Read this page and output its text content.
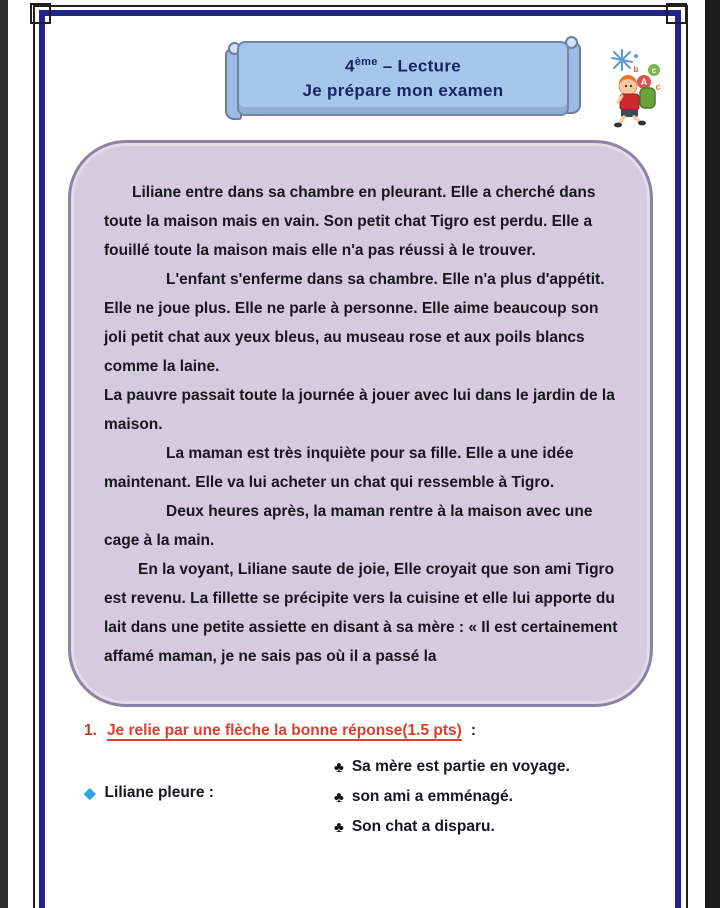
4ème – Lecture
Je prépare mon examen
c
A c
b

Liliane entre dans sa chambre en pleurant. Elle a cherché dans toute la maison mais en vain. Son petit chat Tigro est perdu. Elle a fouillé toute la maison mais elle n'a pas réussi à le trouver.

L'enfant s'enferme dans sa chambre. Elle n'a plus d'appétit. Elle ne joue plus. Elle ne parle à personne. Elle aime beaucoup son joli petit chat aux yeux bleus, au museau rose et aux poils blancs comme la laine.

La pauvre passait toute la journée à jouer avec lui dans le jardin de la maison.

La maman est très inquiète pour sa fille. Elle a une idée maintenant. Elle va lui acheter un chat qui ressemble à Tigro.

Deux heures après, la maman rentre à la maison avec une cage à la main.

En la voyant, Liliane saute de joie, Elle croyait que son ami Tigro est revenu. La fillette se précipite vers la cuisine et elle lui apporte du lait dans une petite assiette en disant à sa mère : « Il est certainement affamé maman, je ne sais pas où il a passé la

1. Je relie par une flèche la bonne réponse(1.5 pts) :
◆ Liliane pleure :
♣ Sa mère est partie en voyage.
♣ son ami a emménagé.
♣ Son chat a disparu.
